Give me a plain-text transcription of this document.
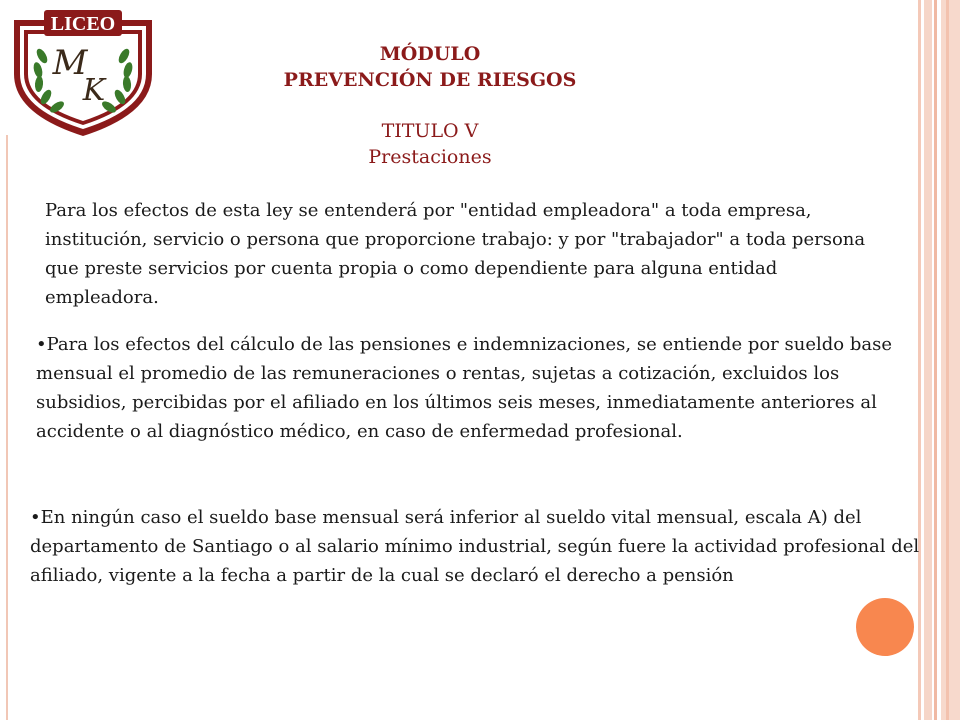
LICEO
M
K
MÓDULO
PREVENCIÓN DE RIESGOS
TITULO V
Prestaciones
Para los efectos de esta ley se entenderá por "entidad empleadora" a toda empresa, institución, servicio o persona que proporcione trabajo: y por "trabajador" a toda persona que preste servicios por cuenta propia o como dependiente para alguna entidad empleadora.
•Para los efectos del cálculo de las pensiones e indemnizaciones, se entiende por sueldo base mensual el promedio de las remuneraciones o rentas, sujetas a cotización, excluidos los subsidios, percibidas por el afiliado en los últimos seis meses, inmediatamente anteriores al accidente o al diagnóstico médico, en caso de enfermedad profesional.
•En ningún caso el sueldo base mensual será inferior al sueldo vital mensual, escala A) del departamento de Santiago o al salario mínimo industrial, según fuere la actividad profesional del afiliado, vigente a la fecha a partir de la cual se declaró el derecho a pensión
